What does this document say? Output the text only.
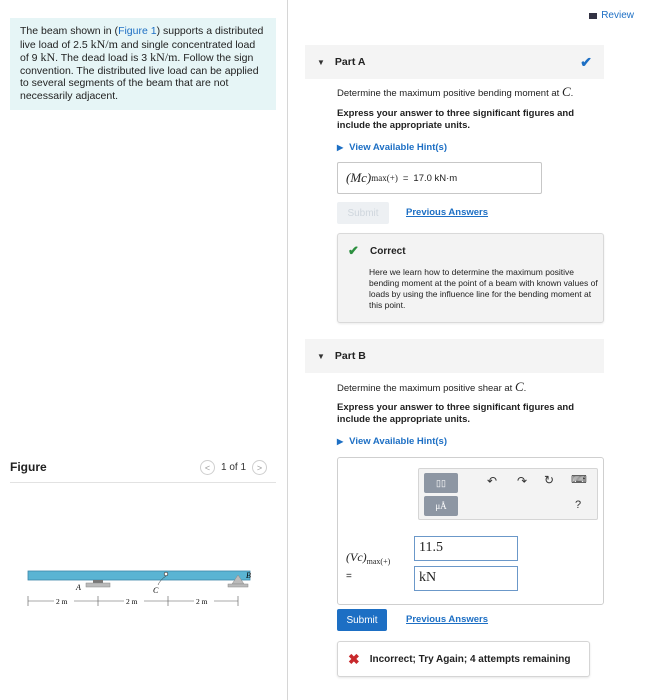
The beam shown in (Figure 1) supports a distributed live load of 2.5 kN/m and single concentrated load of 9 kN. The dead load is 3 kN/m. Follow the sign convention. The distributed live load can be applied to several segments of the beam that are not necessarily adjacent.
Figure	< 1 of 1 >
A	C
B
2 m	2 m	2 m
Review
▼ Part A	✔
Determine the maximum positive bending moment at C.
Express your answer to three significant figures and include the appropriate units.
▶ View Available Hint(s)
(Mc) max(+) = 17.0 kN·m
Submit	Previous Answers
✔ Correct
Here we learn how to determine the maximum positive bending moment at the point of a beam with known values of loads by using the influence line for the bending moment at this point.
▼ Part B
Determine the maximum positive shear at C.
Express your answer to three significant figures and include the appropriate units.
▶ View Available Hint(s)
▯▯
μÅ
↶ ↷ ↻ ⌨
?
$(Vc)_{max(+)}$
=
11.5
kN
Submit	Previous Answers
✖ Incorrect; Try Again; 4 attempts remaining
